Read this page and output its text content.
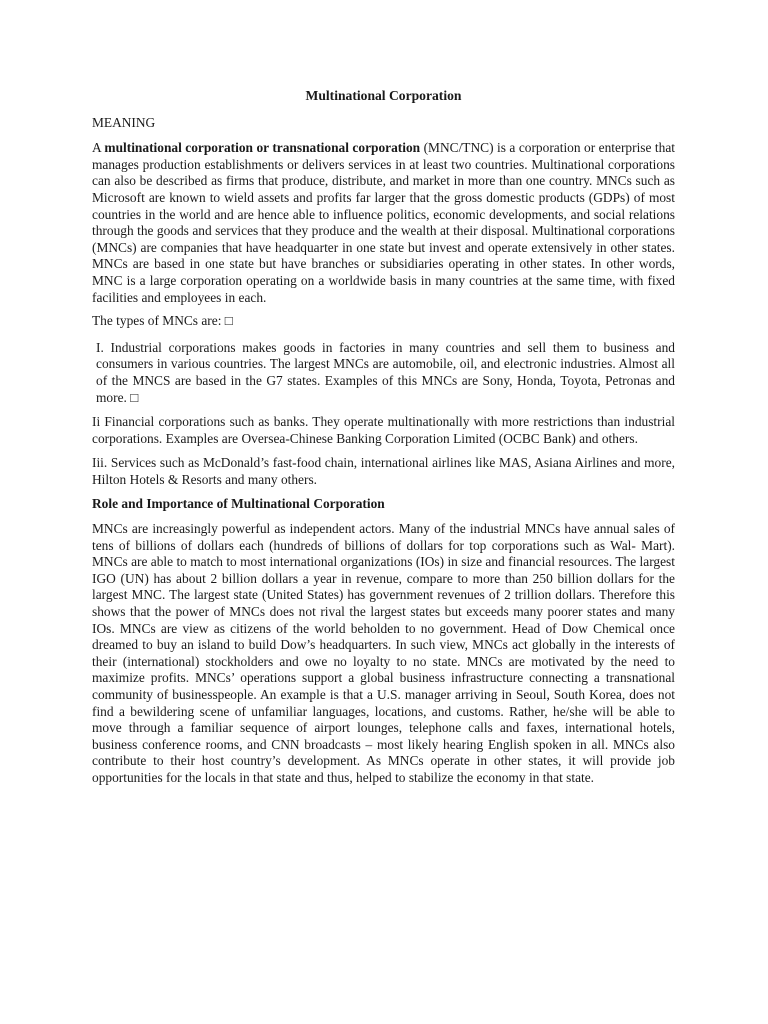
Multinational Corporation
MEANING
A multinational corporation or transnational corporation (MNC/TNC) is a corporation or enterprise that manages production establishments or delivers services in at least two countries. Multinational corporations can also be described as firms that produce, distribute, and market in more than one country. MNCs such as Microsoft are known to wield assets and profits far larger that the gross domestic products (GDPs) of most countries in the world and are hence able to influence politics, economic developments, and social relations through the goods and services that they produce and the wealth at their disposal. Multinational corporations (MNCs) are companies that have headquarter in one state but invest and operate extensively in other states. MNCs are based in one state but have branches or subsidiaries operating in other states. In other words, MNC is a large corporation operating on a worldwide basis in many countries at the same time, with fixed facilities and employees in each.
The types of MNCs are: □
I. Industrial corporations makes goods in factories in many countries and sell them to business and consumers in various countries. The largest MNCs are automobile, oil, and electronic industries. Almost all of the MNCS are based in the G7 states. Examples of this MNCs are Sony, Honda, Toyota, Petronas and more. □
Ii Financial corporations such as banks. They operate multinationally with more restrictions than industrial corporations. Examples are Oversea-Chinese Banking Corporation Limited (OCBC Bank) and others.
Iii. Services such as McDonald’s fast-food chain, international airlines like MAS, Asiana Airlines and more, Hilton Hotels & Resorts and many others.
Role and Importance of Multinational Corporation
MNCs are increasingly powerful as independent actors. Many of the industrial MNCs have annual sales of tens of billions of dollars each (hundreds of billions of dollars for top corporations such as Wal- Mart). MNCs are able to match to most international organizations (IOs) in size and financial resources. The largest IGO (UN) has about 2 billion dollars a year in revenue, compare to more than 250 billion dollars for the largest MNC. The largest state (United States) has government revenues of 2 trillion dollars. Therefore this shows that the power of MNCs does not rival the largest states but exceeds many poorer states and many IOs. MNCs are view as citizens of the world beholden to no government. Head of Dow Chemical once dreamed to buy an island to build Dow’s headquarters. In such view, MNCs act globally in the interests of their (international) stockholders and owe no loyalty to no state. MNCs are motivated by the need to maximize profits. MNCs’ operations support a global business infrastructure connecting a transnational community of businesspeople. An example is that a U.S. manager arriving in Seoul, South Korea, does not find a bewildering scene of unfamiliar languages, locations, and customs. Rather, he/she will be able to move through a familiar sequence of airport lounges, telephone calls and faxes, international hotels, business conference rooms, and CNN broadcasts – most likely hearing English spoken in all. MNCs also contribute to their host country’s development. As MNCs operate in other states, it will provide job opportunities for the locals in that state and thus, helped to stabilize the economy in that state.
